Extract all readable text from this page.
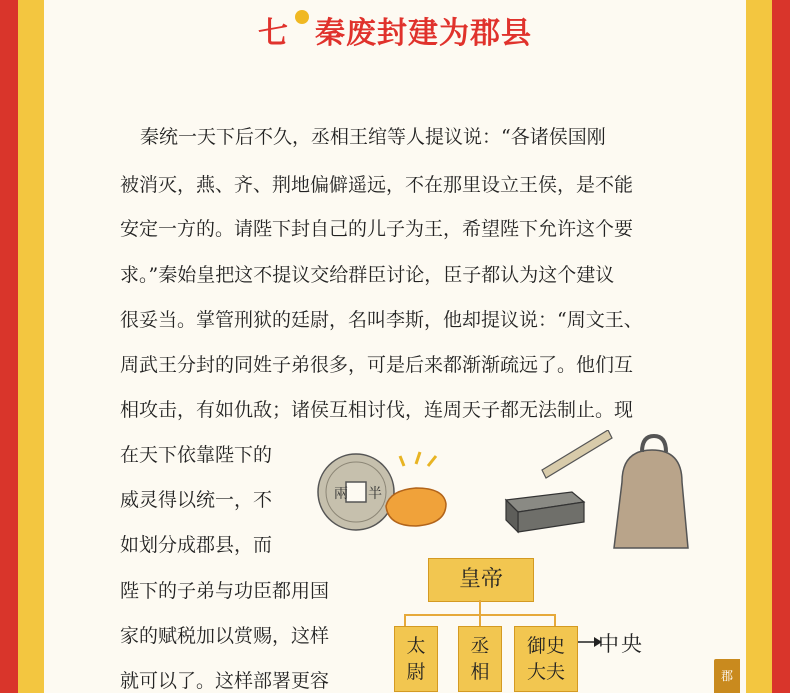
七 秦废封建为郡县
秦统一天下后不久，丞相王绾等人提议说：“各诸侯国刚
被消灭，燕、齐、荆地偏僻遥远，不在那里设立王侯，是不能
安定一方的。请陛下封自己的儿子为王，希望陛下允许这个要
求。”秦始皇把这不提议交给群臣讨论，臣子都认为这个建议
很妥当。掌管刑狱的廷尉，名叫李斯，他却提议说：“周文王、
周武王分封的同姓子弟很多，可是后来都渐渐疏远了。他们互
相攻击，有如仇敌；诸侯互相讨伐，连周天子都无法制止。现
在天下依靠陛下的
威灵得以统一，不
如划分成郡县，而
陛下的子弟与功臣都用国
家的赋税加以赏赐，这样
就可以了。这样部署更容
兩 半
皇帝
太
尉
丞
相
御史
大夫
中央
郡
